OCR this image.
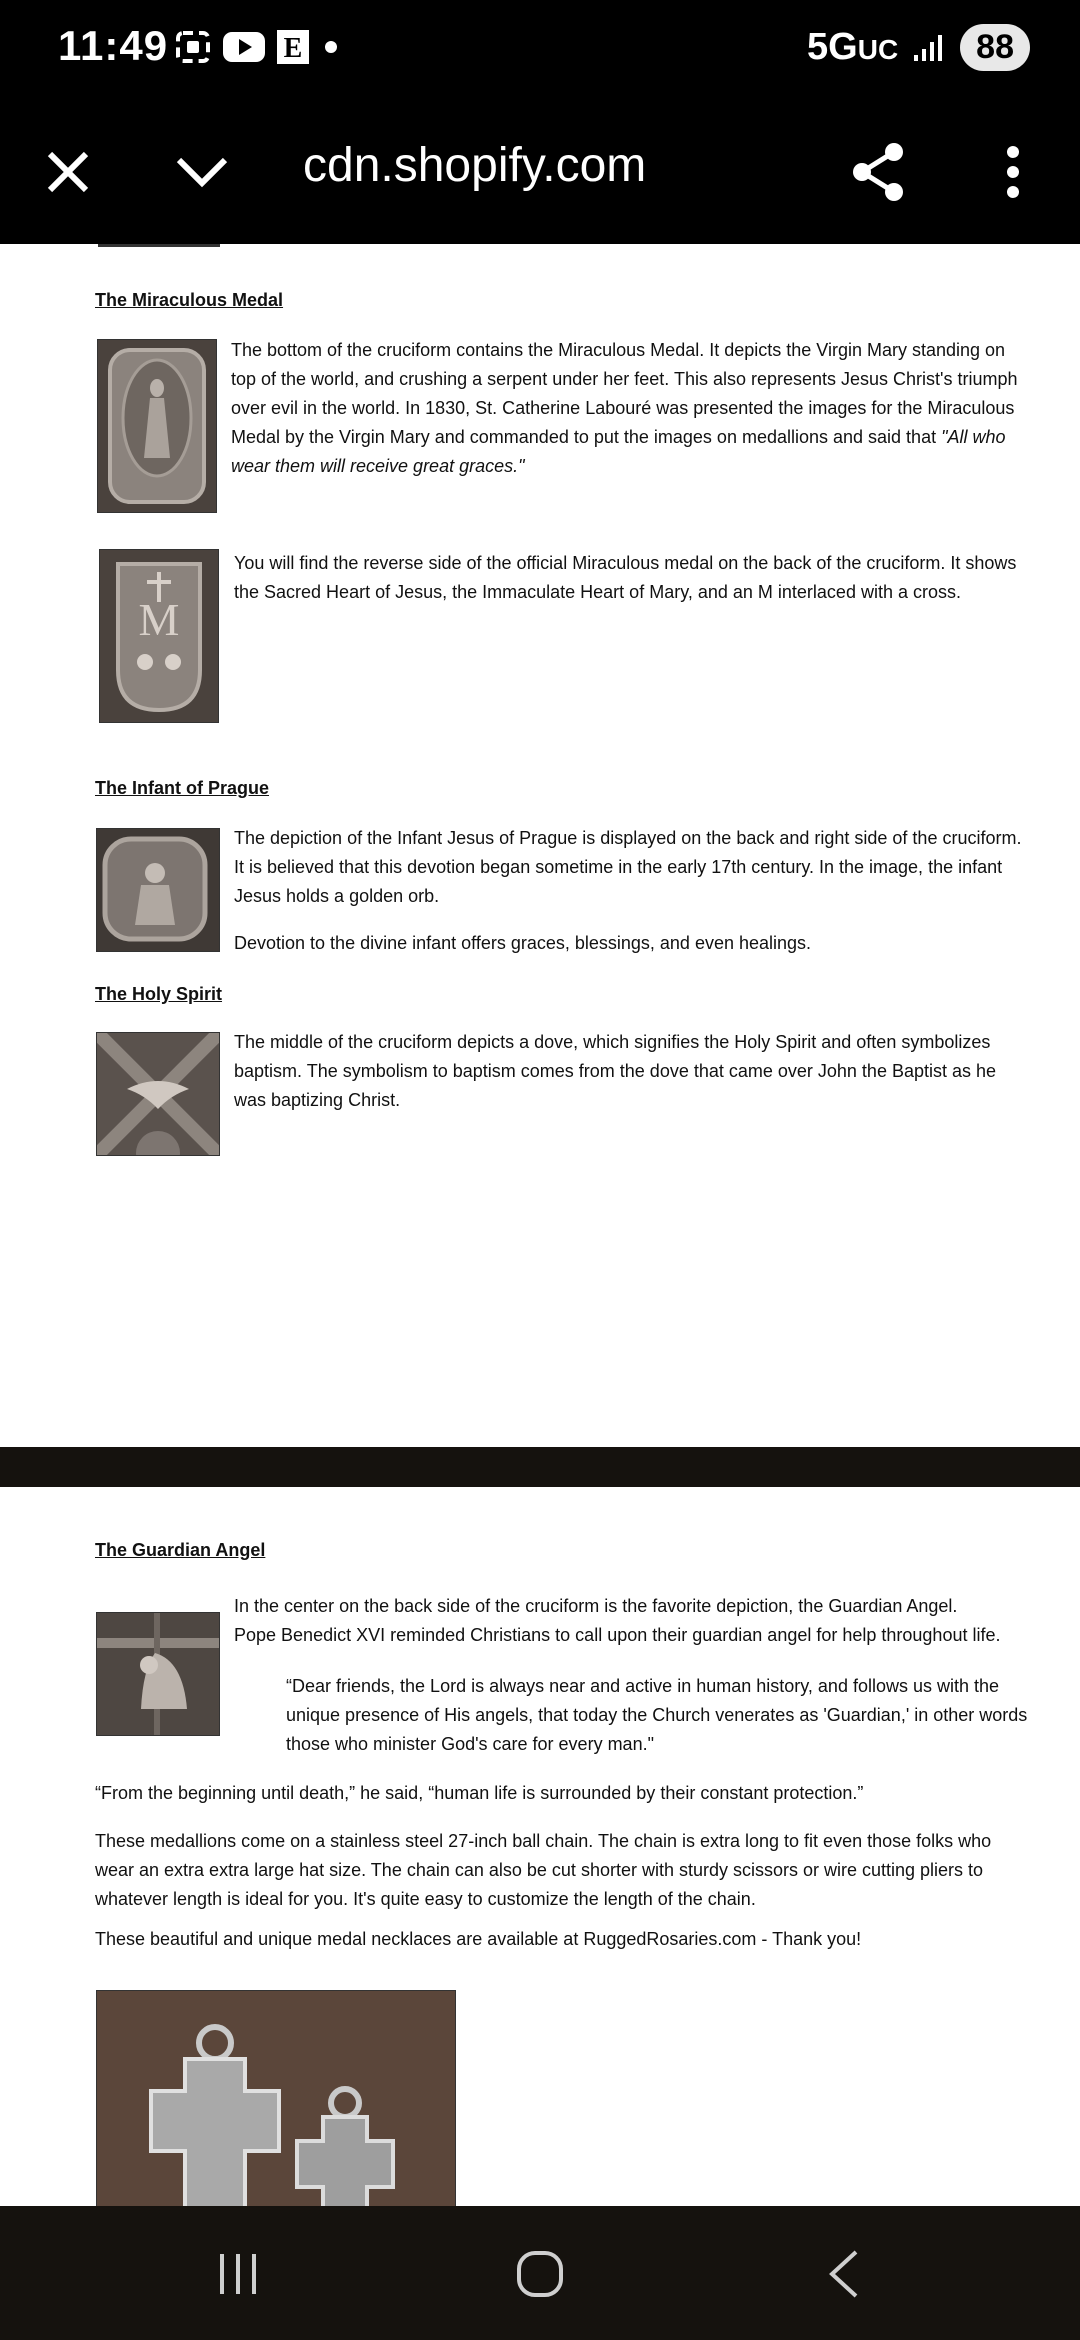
11:49	E	5GUC	88
cdn.shopify.com
The Miraculous Medal
The bottom of the cruciform contains the Miraculous Medal. It depicts the Virgin Mary standing on
top of the world, and crushing a serpent under her feet. This also represents Jesus Christ's triumph
over evil in the world. In 1830, St. Catherine Labouré was presented the images for the Miraculous
Medal by the Virgin Mary and commanded to put the images on medallions and said that "All who
wear them will receive great graces."
M
You will find the reverse side of the official Miraculous medal on the back of the cruciform. It shows
the Sacred Heart of Jesus, the Immaculate Heart of Mary, and an M interlaced with a cross.
The Infant of Prague
The depiction of the Infant Jesus of Prague is displayed on the back and right side of the cruciform.
It is believed that this devotion began sometime in the early 17th century. In the image, the infant
Jesus holds a golden orb.
Devotion to the divine infant offers graces, blessings, and even healings.
The Holy Spirit
The middle of the cruciform depicts a dove, which signifies the Holy Spirit and often symbolizes
baptism. The symbolism to baptism comes from the dove that came over John the Baptist as he
was baptizing Christ.
The Guardian Angel
In the center on the back side of the cruciform is the favorite depiction, the Guardian Angel.
Pope Benedict XVI reminded Christians to call upon their guardian angel for help throughout life.
“Dear friends, the Lord is always near and active in human history, and follows us with the
unique presence of His angels, that today the Church venerates as 'Guardian,' in other words
those who minister God's care for every man."
“From the beginning until death,” he said, “human life is surrounded by their constant protection.”
These medallions come on a stainless steel 27-inch ball chain. The chain is extra long to fit even those folks who
wear an extra extra large hat size. The chain can also be cut shorter with sturdy scissors or wire cutting pliers to
whatever length is ideal for you. It's quite easy to customize the length of the chain.
These beautiful and unique medal necklaces are available at RuggedRosaries.com - Thank you!
